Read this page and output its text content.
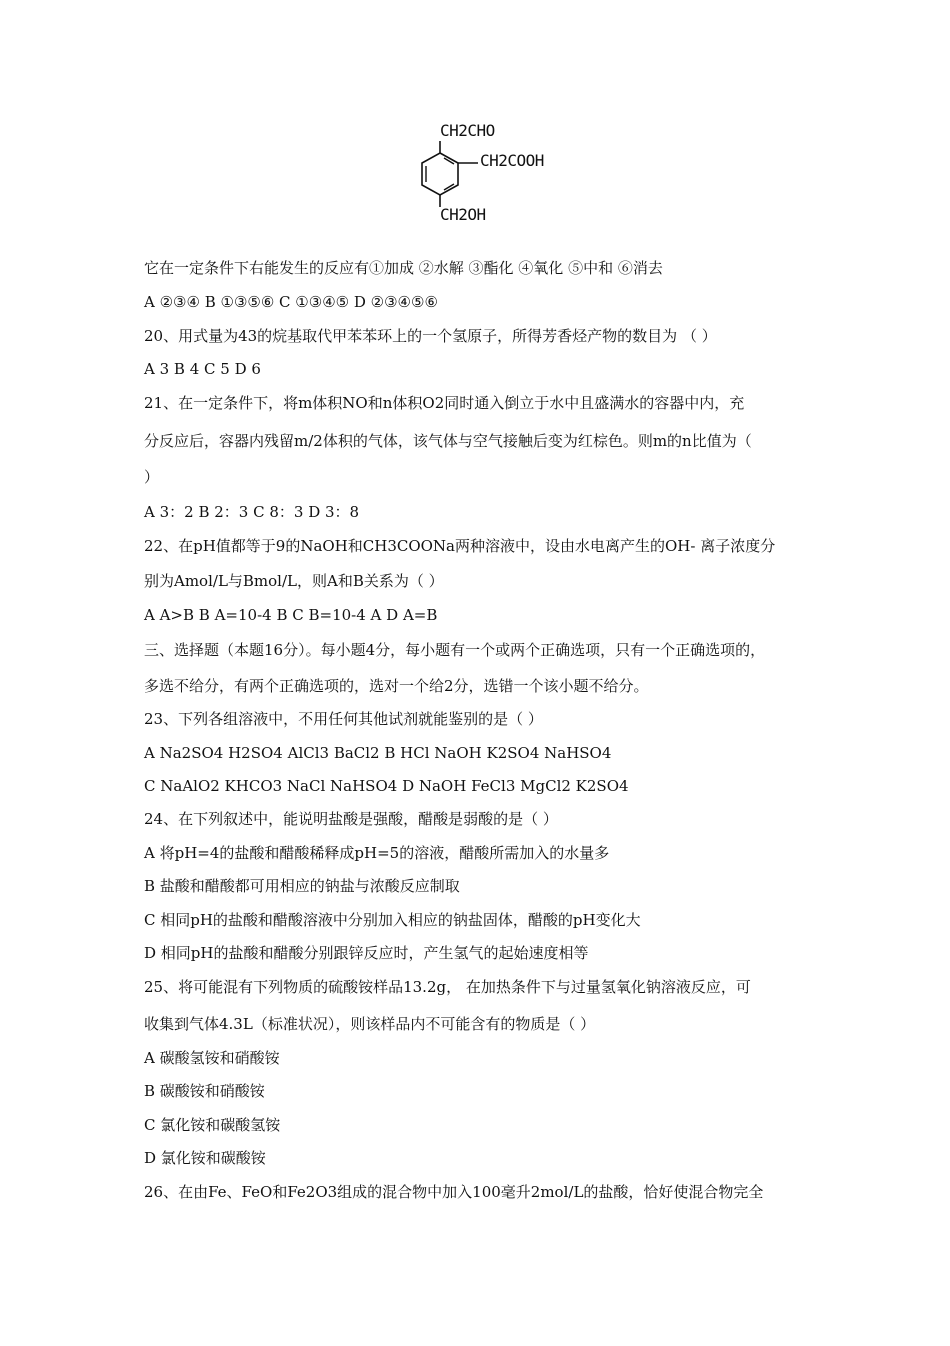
CH2CHO
CH2COOH
CH2OH
它在一定条件下右能发生的反应有①加成 ②水解 ③酯化 ④氧化 ⑤中和 ⑥消去
A ②③④ B ①③⑤⑥ C ①③④⑤ D ②③④⑤⑥
20、用式量为43的烷基取代甲苯苯环上的一个氢原子，所得芳香烃产物的数目为 （ ）
A 3 B 4 C 5 D 6
21、在一定条件下，将m体积NO和n体积O2同时通入倒立于水中且盛满水的容器中内，充
分反应后，容器内残留m/2体积的气体，该气体与空气接触后变为红棕色。则m的n比值为（
）
A 3：2 B 2：3 C 8：3 D 3：8
22、在pH值都等于9的NaOH和CH3COONa两种溶液中，设由水电离产生的OH- 离子浓度分
别为Amol/L与Bmol/L，则A和B关系为（ ）
A A>B B A=10-4 B C B=10-4 A D A=B
三、选择题（本题16分）。每小题4分，每小题有一个或两个正确选项，只有一个正确选项的，
多选不给分，有两个正确选项的，选对一个给2分，选错一个该小题不给分。
23、下列各组溶液中，不用任何其他试剂就能鉴别的是（ ）
A Na2SO4 H2SO4 AlCl3 BaCl2 B HCl NaOH K2SO4 NaHSO4
C NaAlO2 KHCO3 NaCl NaHSO4 D NaOH FeCl3 MgCl2 K2SO4
24、在下列叙述中，能说明盐酸是强酸，醋酸是弱酸的是（ ）
A 将pH=4的盐酸和醋酸稀释成pH=5的溶液，醋酸所需加入的水量多
B 盐酸和醋酸都可用相应的钠盐与浓酸反应制取
C 相同pH的盐酸和醋酸溶液中分别加入相应的钠盐固体，醋酸的pH变化大
D 相同pH的盐酸和醋酸分别跟锌反应时，产生氢气的起始速度相等
25、将可能混有下列物质的硫酸铵样品13.2g， 在加热条件下与过量氢氧化钠溶液反应，可
收集到气体4.3L（标准状况），则该样品内不可能含有的物质是（ ）
A 碳酸氢铵和硝酸铵
B 碳酸铵和硝酸铵
C 氯化铵和碳酸氢铵
D 氯化铵和碳酸铵
26、在由Fe、FeO和Fe2O3组成的混合物中加入100毫升2mol/L的盐酸，恰好使混合物完全
